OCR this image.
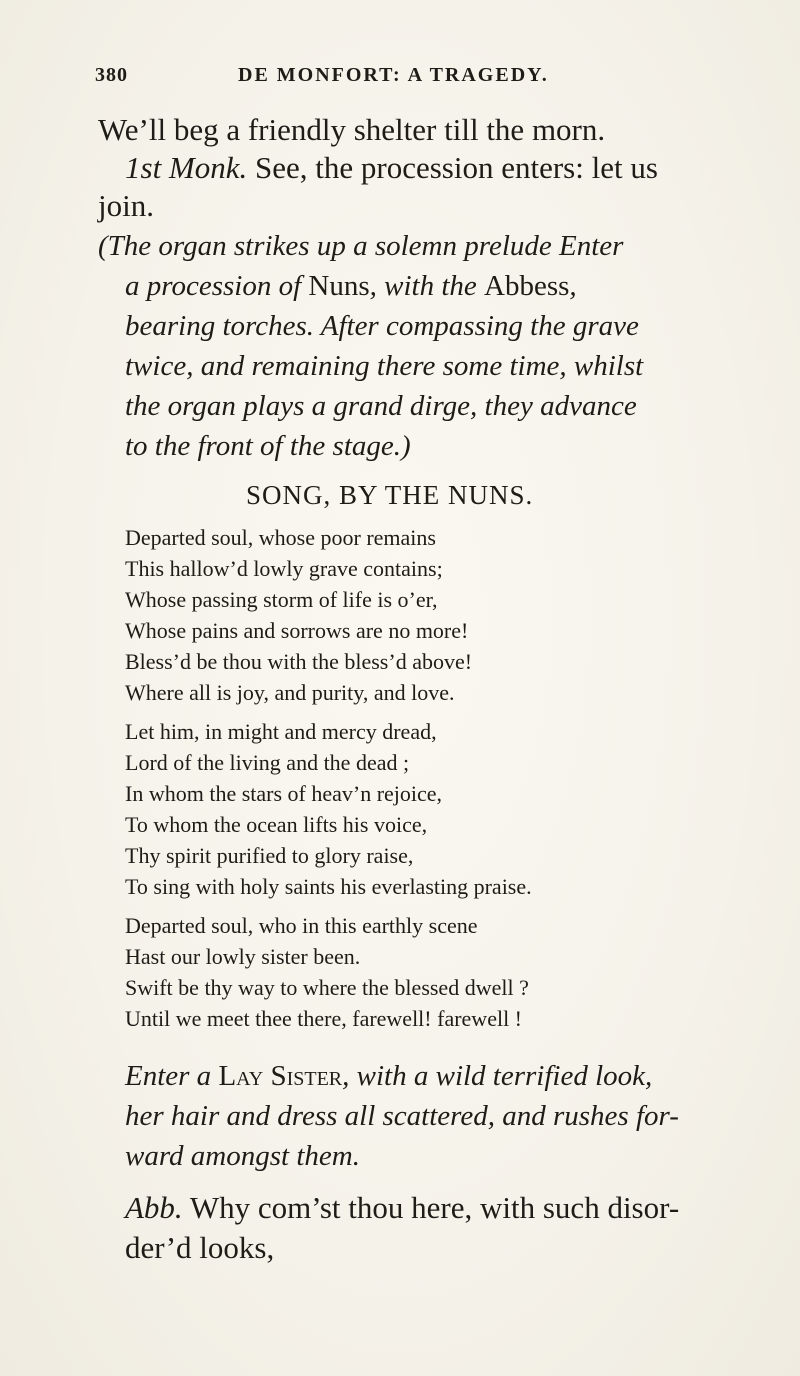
380	DE MONFORT: A TRAGEDY.
We’ll beg a friendly shelter till the morn.
1st Monk. See, the procession enters: let us
join.
(The organ strikes up a solemn prelude Enter
a procession of Nuns, with the Abbess,
bearing torches. After compassing the grave
twice, and remaining there some time, whilst
the organ plays a grand dirge, they advance
to the front of the stage.)
SONG, BY THE NUNS.
Departed soul, whose poor remains
This hallow’d lowly grave contains;
Whose passing storm of life is o’er,
Whose pains and sorrows are no more!
Bless’d be thou with the bless’d above!
Where all is joy, and purity, and love.
Let him, in might and mercy dread,
Lord of the living and the dead ;
In whom the stars of heav’n rejoice,
To whom the ocean lifts his voice,
Thy spirit purified to glory raise,
To sing with holy saints his everlasting praise.
Departed soul, who in this earthly scene
Hast our lowly sister been.
Swift be thy way to where the blessed dwell ?
Until we meet thee there, farewell! farewell !
Enter a Lay Sister, with a wild terrified look,
her hair and dress all scattered, and rushes for-
ward amongst them.
Abb. Why com’st thou here, with such disor-
der’d looks,
